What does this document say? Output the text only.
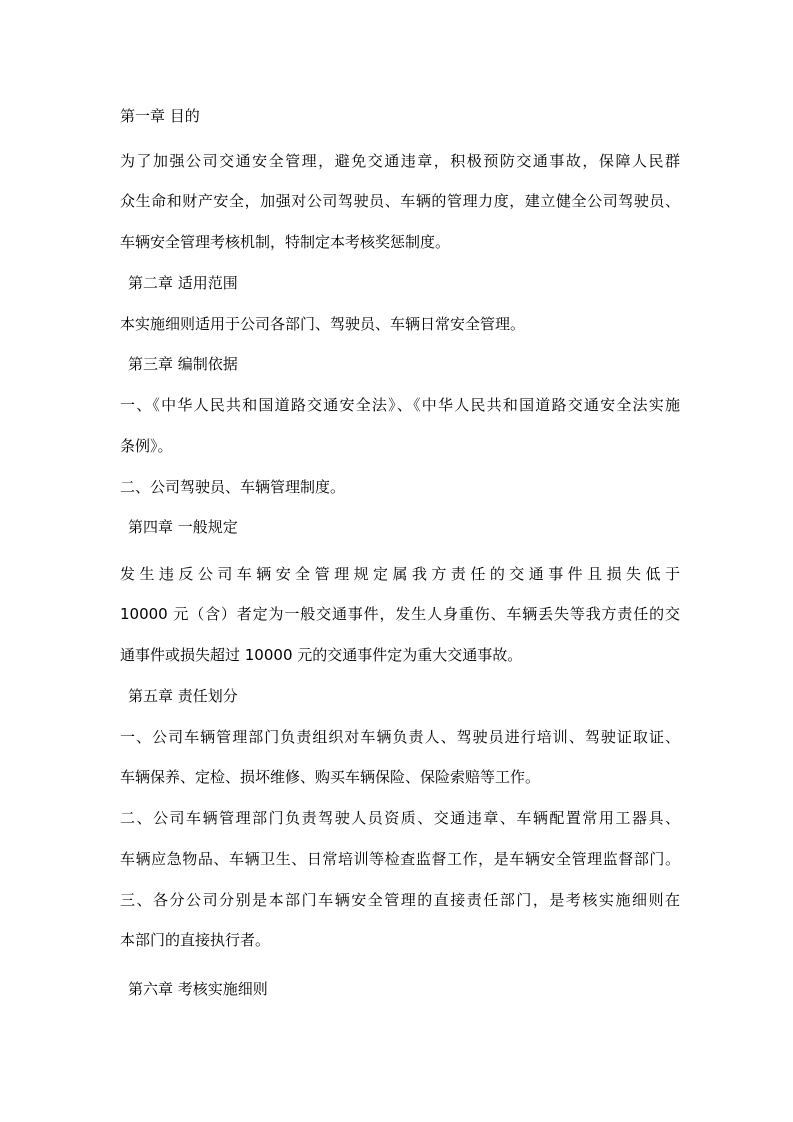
第一章 目的
为了加强公司交通安全管理，避免交通违章，积极预防交通事故，保障人民群
众生命和财产安全，加强对公司驾驶员、车辆的管理力度，建立健全公司驾驶员、
车辆安全管理考核机制，特制定本考核奖惩制度。
第二章 适用范围
本实施细则适用于公司各部门、驾驶员、车辆日常安全管理。
第三章 编制依据
一、《中华人民共和国道路交通安全法》、《中华人民共和国道路交通安全法实施
条例》。
二、公司驾驶员、车辆管理制度。
第四章 一般规定
发生违反公司车辆安全管理规定属我方责任的交通事件且损失低于
10000 元（含）者定为一般交通事件，发生人身重伤、车辆丢失等我方责任的交
通事件或损失超过 10000 元的交通事件定为重大交通事故。
第五章 责任划分
一、公司车辆管理部门负责组织对车辆负责人、驾驶员进行培训、驾驶证取证、
车辆保养、定检、损坏维修、购买车辆保险、保险索赔等工作。
二、公司车辆管理部门负责驾驶人员资质、交通违章、车辆配置常用工器具、
车辆应急物品、车辆卫生、日常培训等检查监督工作，是车辆安全管理监督部门。
三、各分公司分别是本部门车辆安全管理的直接责任部门，是考核实施细则在
本部门的直接执行者。
第六章 考核实施细则
